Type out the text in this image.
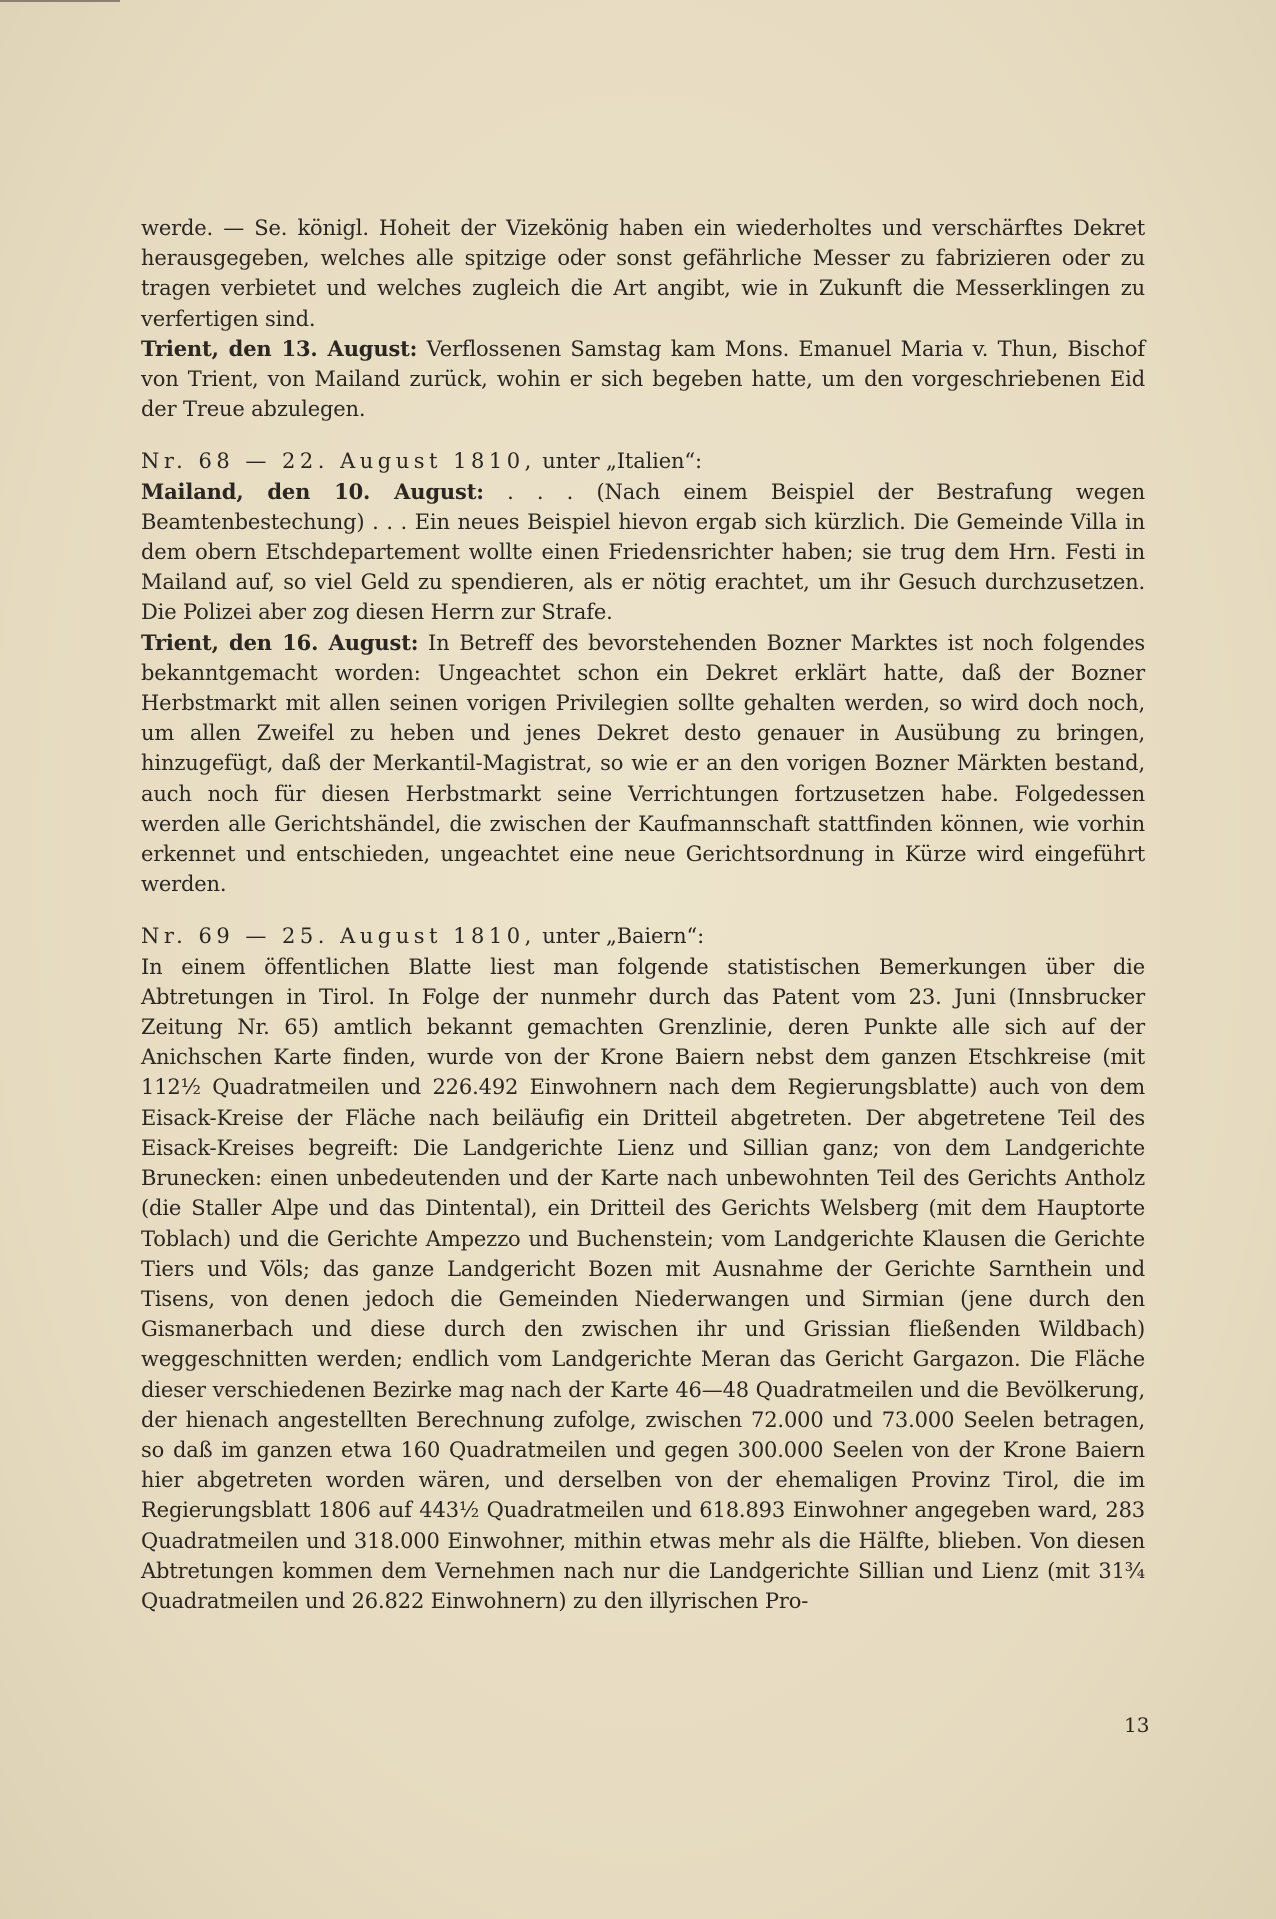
werde. — Se. königl. Hoheit der Vizekönig haben ein wiederholtes und verschärftes Dekret herausgegeben, welches alle spitzige oder sonst gefährliche Messer zu fabrizieren oder zu tragen verbietet und welches zugleich die Art angibt, wie in Zukunft die Messerklingen zu verfertigen sind.

Trient, den 13. August: Verflossenen Samstag kam Mons. Emanuel Maria v. Thun, Bischof von Trient, von Mailand zurück, wohin er sich begeben hatte, um den vorgeschriebenen Eid der Treue abzulegen.

Nr. 68 — 22. August 1810, unter „Italien“:

Mailand, den 10. August: . . . (Nach einem Beispiel der Bestrafung wegen Beamtenbestechung) . . . Ein neues Beispiel hievon ergab sich kürzlich. Die Gemeinde Villa in dem obern Etschdepartement wollte einen Friedensrichter haben; sie trug dem Hrn. Festi in Mailand auf, so viel Geld zu spendieren, als er nötig erachtet, um ihr Gesuch durchzusetzen. Die Polizei aber zog diesen Herrn zur Strafe.

Trient, den 16. August: In Betreff des bevorstehenden Bozner Marktes ist noch folgendes bekanntgemacht worden: Ungeachtet schon ein Dekret erklärt hatte, daß der Bozner Herbstmarkt mit allen seinen vorigen Privilegien sollte gehalten werden, so wird doch noch, um allen Zweifel zu heben und jenes Dekret desto genauer in Ausübung zu bringen, hinzugefügt, daß der Merkantil-Magistrat, so wie er an den vorigen Bozner Märkten bestand, auch noch für diesen Herbstmarkt seine Verrichtungen fortzusetzen habe. Folgedessen werden alle Gerichtshändel, die zwischen der Kaufmannschaft stattfinden können, wie vorhin erkennet und entschieden, ungeachtet eine neue Gerichtsordnung in Kürze wird eingeführt werden.

Nr. 69 — 25. August 1810, unter „Baiern“:

In einem öffentlichen Blatte liest man folgende statistischen Bemerkungen über die Abtretungen in Tirol. In Folge der nunmehr durch das Patent vom 23. Juni (Innsbrucker Zeitung Nr. 65) amtlich bekannt gemachten Grenzlinie, deren Punkte alle sich auf der Anichschen Karte finden, wurde von der Krone Baiern nebst dem ganzen Etschkreise (mit 112½ Quadratmeilen und 226.492 Einwohnern nach dem Regierungsblatte) auch von dem Eisack-Kreise der Fläche nach beiläufig ein Dritteil abgetreten. Der abgetretene Teil des Eisack-Kreises begreift: Die Landgerichte Lienz und Sillian ganz; von dem Landgerichte Brunecken: einen unbedeutenden und der Karte nach unbewohnten Teil des Gerichts Antholz (die Staller Alpe und das Dintental), ein Dritteil des Gerichts Welsberg (mit dem Hauptorte Toblach) und die Gerichte Ampezzo und Buchenstein; vom Landgerichte Klausen die Gerichte Tiers und Völs; das ganze Landgericht Bozen mit Ausnahme der Gerichte Sarnthein und Tisens, von denen jedoch die Gemeinden Niederwangen und Sirmian (jene durch den Gismanerbach und diese durch den zwischen ihr und Grissian fließenden Wildbach) weggeschnitten werden; endlich vom Landgerichte Meran das Gericht Gargazon. Die Fläche dieser verschiedenen Bezirke mag nach der Karte 46—48 Quadratmeilen und die Bevölkerung, der hienach angestellten Berechnung zufolge, zwischen 72.000 und 73.000 Seelen betragen, so daß im ganzen etwa 160 Quadratmeilen und gegen 300.000 Seelen von der Krone Baiern hier abgetreten worden wären, und derselben von der ehemaligen Provinz Tirol, die im Regierungsblatt 1806 auf 443½ Quadratmeilen und 618.893 Einwohner angegeben ward, 283 Quadratmeilen und 318.000 Einwohner, mithin etwas mehr als die Hälfte, blieben. Von diesen Abtretungen kommen dem Vernehmen nach nur die Landgerichte Sillian und Lienz (mit 31¾ Quadratmeilen und 26.822 Einwohnern) zu den illyrischen Pro-

13
